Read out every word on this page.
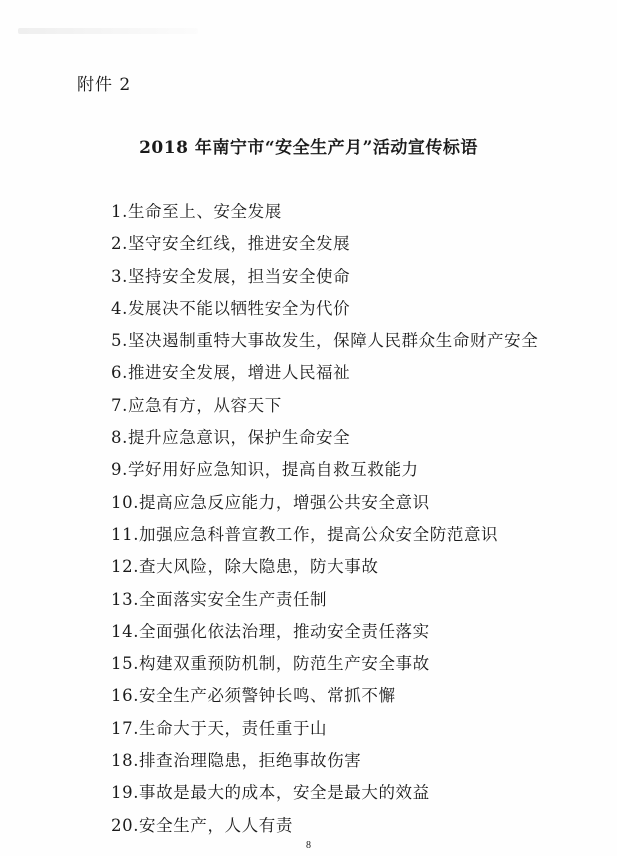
附件 2
2018 年南宁市“安全生产月”活动宣传标语
1.生命至上、安全发展
2.坚守安全红线，推进安全发展
3.坚持安全发展，担当安全使命
4.发展决不能以牺牲安全为代价
5.坚决遏制重特大事故发生，保障人民群众生命财产安全
6.推进安全发展，增进人民福祉
7.应急有方，从容天下
8.提升应急意识，保护生命安全
9.学好用好应急知识，提高自救互救能力
10.提高应急反应能力，增强公共安全意识
11.加强应急科普宣教工作，提高公众安全防范意识
12.查大风险，除大隐患，防大事故
13.全面落实安全生产责任制
14.全面强化依法治理，推动安全责任落实
15.构建双重预防机制，防范生产安全事故
16.安全生产必须警钟长鸣、常抓不懈
17.生命大于天，责任重于山
18.排查治理隐患，拒绝事故伤害
19.事故是最大的成本，安全是最大的效益
20.安全生产，人人有责
8
